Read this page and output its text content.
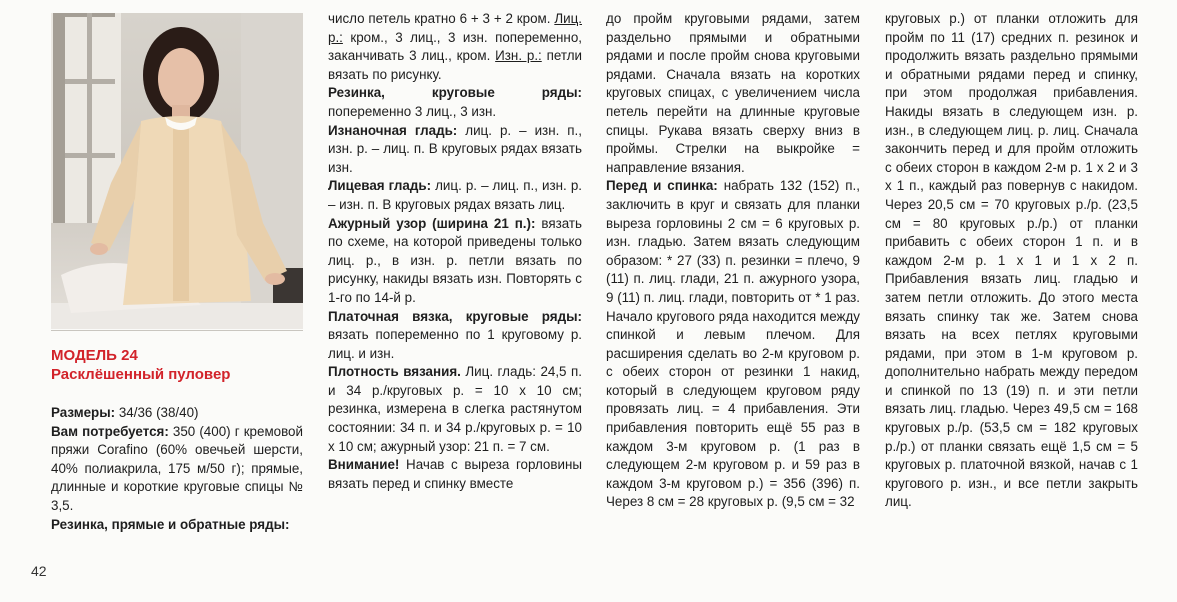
МОДЕЛЬ 24
Расклёшенный пуловер

Размеры: 34/36 (38/40)

Вам потребуется: 350 (400) г кремовой пряжи Corafino (60% овечьей шерсти, 40% полиакрила, 175 м/50 г); прямые, длинные и короткие круговые спицы № 3,5.

Резинка, прямые и обратные ряды:

число петель кратно 6 + 3 + 2 кром. Лиц. р.: кром., 3 лиц., 3 изн. попеременно, заканчивать 3 лиц., кром. Изн. р.: петли вязать по рисунку.

Резинка, круговые ряды: попеременно 3 лиц., 3 изн.

Изнаночная гладь: лиц. р. – изн. п., изн. р. – лиц. п. В круговых рядах вязать изн.

Лицевая гладь: лиц. р. – лиц. п., изн. р. – изн. п. В круговых рядах вязать лиц.

Ажурный узор (ширина 21 п.): вязать по схеме, на которой приведены только лиц. р., в изн. р. петли вязать по рисунку, накиды вязать изн. Повторять с 1-го по 14-й р.

Платочная вязка, круговые ряды: вязать попеременно по 1 круговому р. лиц. и изн.

Плотность вязания. Лиц. гладь: 24,5 п. и 34 р./круговых р. = 10 х 10 см; резинка, измерена в слегка растянутом состоянии: 34 п. и 34 р./круговых р. = 10 х 10 см; ажурный узор: 21 п. = 7 см.

Внимание! Начав с выреза горловины вязать перед и спинку вместе

до пройм круговыми рядами, затем раздельно прямыми и обратными рядами и после пройм снова круговыми рядами. Сначала вязать на коротких круговых спицах, с увеличением числа петель перейти на длинные круговые спицы. Рукава вязать сверху вниз в проймы. Стрелки на выкройке = направление вязания.

Перед и спинка: набрать 132 (152) п., заключить в круг и связать для планки выреза горловины 2 см = 6 круговых р. изн. гладью. Затем вязать следующим образом: * 27 (33) п. резинки = плечо, 9 (11) п. лиц. глади, 21 п. ажурного узора, 9 (11) п. лиц. глади, повторить от * 1 раз. Начало кругового ряда находится между спинкой и левым плечом. Для расширения сделать во 2-м круговом р. с обеих сторон от резинки 1 накид, который в следующем круговом ряду провязать лиц. = 4 прибавления. Эти прибавления повторить ещё 55 раз в каждом 3-м круговом р. (1 раз в следующем 2-м круговом р. и 59 раз в каждом 3-м круговом р.) = 356 (396) п. Через 8 см = 28 круговых р. (9,5 см = 32

круговых р.) от планки отложить для пройм по 11 (17) средних п. резинок и продолжить вязать раздельно прямыми и обратными рядами перед и спинку, при этом продолжая прибавления. Накиды вязать в следующем изн. р. изн., в следующем лиц. р. лиц. Сначала закончить перед и для пройм отложить с обеих сторон в каждом 2-м р. 1 х 2 и 3 х 1 п., каждый раз повернув с накидом. Через 20,5 см = 70 круговых р./р. (23,5 см = 80 круговых р./р.) от планки прибавить с обеих сторон 1 п. и в каждом 2-м р. 1 х 1 и 1 х 2 п. Прибавления вязать лиц. гладью и затем петли отложить. До этого места вязать спинку так же. Затем снова вязать на всех петлях круговыми рядами, при этом в 1-м круговом р. дополнительно набрать между передом и спинкой по 13 (19) п. и эти петли вязать лиц. гладью. Через 49,5 см = 168 круговых р./р. (53,5 см = 182 круговых р./р.) от планки связать ещё 1,5 см = 5 круговых р. платочной вязкой, начав с 1 кругового р. изн., и все петли закрыть лиц.

42
